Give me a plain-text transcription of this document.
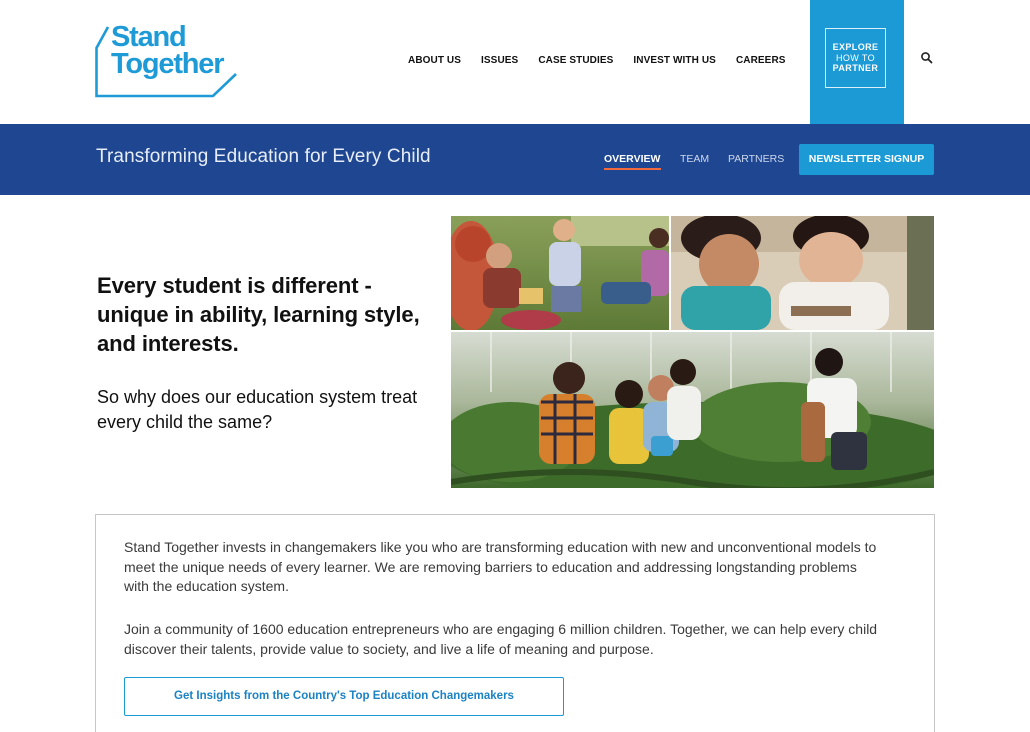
Stand
Together	ABOUT US ISSUES CASE STUDIES INVEST WITH US CAREERS
EXPLORE
HOW TO
PARTNER
Transforming Education for Every Child	OVERVIEW TEAM PARTNERS	NEWSLETTER SIGNUP
Every student is different - unique in ability, learning style, and interests.
So why does our education system treat every child the same?
Stand Together invests in changemakers like you who are transforming education with new and unconventional models to meet the unique needs of every learner. We are removing barriers to education and addressing longstanding problems with the education system.
Join a community of 1600 education entrepreneurs who are engaging 6 million children. Together, we can help every child discover their talents, provide value to society, and live a life of meaning and purpose.
Get Insights from the Country's Top Education Changemakers
